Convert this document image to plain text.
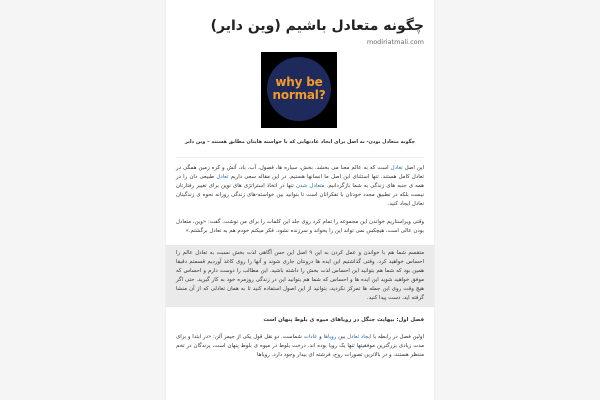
چگونه متعادل باشیم (وین دایر)
modiriatmali.com
why be
normal?
چگونه متعادل بودن- نه اصل برای ایجاد عادتهایی که با خواسته هایتان مطابق هستند – وین دایر

این اصل تعادل است که به عالم معنا می بخشد. بخش، سیاره ها، فصول، آب، باد، آتش و کره زمین همگی در تعادل کامل هستند. تنها استثنای این اصل ما انسانها هستیم. در این مقاله سعی داریم تعادل طبیعی دان را در همه ی جنبه های زندگی به شما بازگردانیم. متعادل شدن تنها در اتخاذ استراتژی های نوین برای تغییر رفتارتان نیست بلکه در تطبیق مجدد خودتان با تفکراتان است تا بتوانید بین خواسته-های زندگی روزانه نحوه ی زندگیتان تعادل ایجاد کنید.

وقتی ویراستاریم خواندن این مجموعه را تمام کرد روی جلد این کلمات را برای من نوشت. گفت: «وین، متعادل بودن عالی است، هیچکس نمی تواند این را بخواند و سرزنده نشود. فکر میکنم خودم هم به تعادل برگشتم.»

متقسم شما هم با خواندن و عمل کردن به این ۹ اصل این حس آگاهی لذت بخش نسبت به تعادل عالم را احساس خواهید کرد. وقتی گذاشتیم این ایده ها درونتان جاری شوند و آنها را روی کاغذ آوردیم قسمتم دقیقا همین بود که شما هم بتوانید این احساس لذت بخش را داشته باشید. این مطالب را دوست دارم و احساس که موفق خواهید شوید این ایده ها و احساس که شما هم بتوانید این در زندگی روزمره خود به کار گیرید. حتی اگر هیچ وقت روی این جمله ها تمرکز نکردید، بتوانید از این اصول استفاده کنید تا به همان تعادلی که از آن منشا گرفته اید، دست پیدا کنید.

فصل اول: بیهایت جنگل در رویاهای میوه ی بلوط پنهان است

اولین فصل در رابطه با ایجاد تعادل بین رویاها و عادات شماست. دو نقل قول یکی از جیمز آلن: «در ابتدا و برای مدت زیادی بزرگترین موفقیتها تنها یک رویا بوده اند. درخت بلوط در میوه ی بلوط پنهان است، پرندگان در تخم منتظر هستند، و در بالاترین تصورات روح، فرشته ای بیدار وجود دارد. رویاها
